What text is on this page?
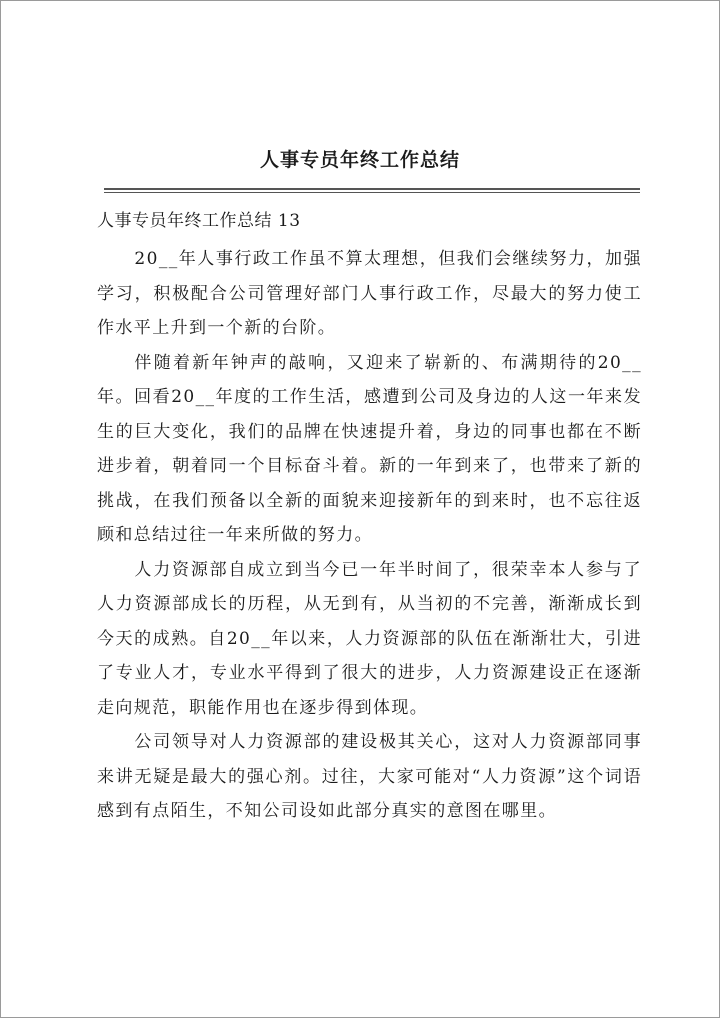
人事专员年终工作总结
人事专员年终工作总结 13

20__年人事行政工作虽不算太理想，但我们会继续努力，加强学习，积极配合公司管理好部门人事行政工作，尽最大的努力使工作水平上升到一个新的台阶。

伴随着新年钟声的敲响，又迎来了崭新的、布满期待的20__年。回看20__年度的工作生活，感遭到公司及身边的人这一年来发生的巨大变化，我们的品牌在快速提升着，身边的同事也都在不断进步着，朝着同一个目标奋斗着。新的一年到来了，也带来了新的挑战，在我们预备以全新的面貌来迎接新年的到来时，也不忘往返顾和总结过往一年来所做的努力。

人力资源部自成立到当今已一年半时间了，很荣幸本人参与了人力资源部成长的历程，从无到有，从当初的不完善，渐渐成长到今天的成熟。自20__年以来，人力资源部的队伍在渐渐壮大，引进了专业人才，专业水平得到了很大的进步，人力资源建设正在逐渐走向规范，职能作用也在逐步得到体现。

公司领导对人力资源部的建设极其关心，这对人力资源部同事来讲无疑是最大的强心剂。过往，大家可能对“人力资源”这个词语感到有点陌生，不知公司设如此部分真实的意图在哪里。
